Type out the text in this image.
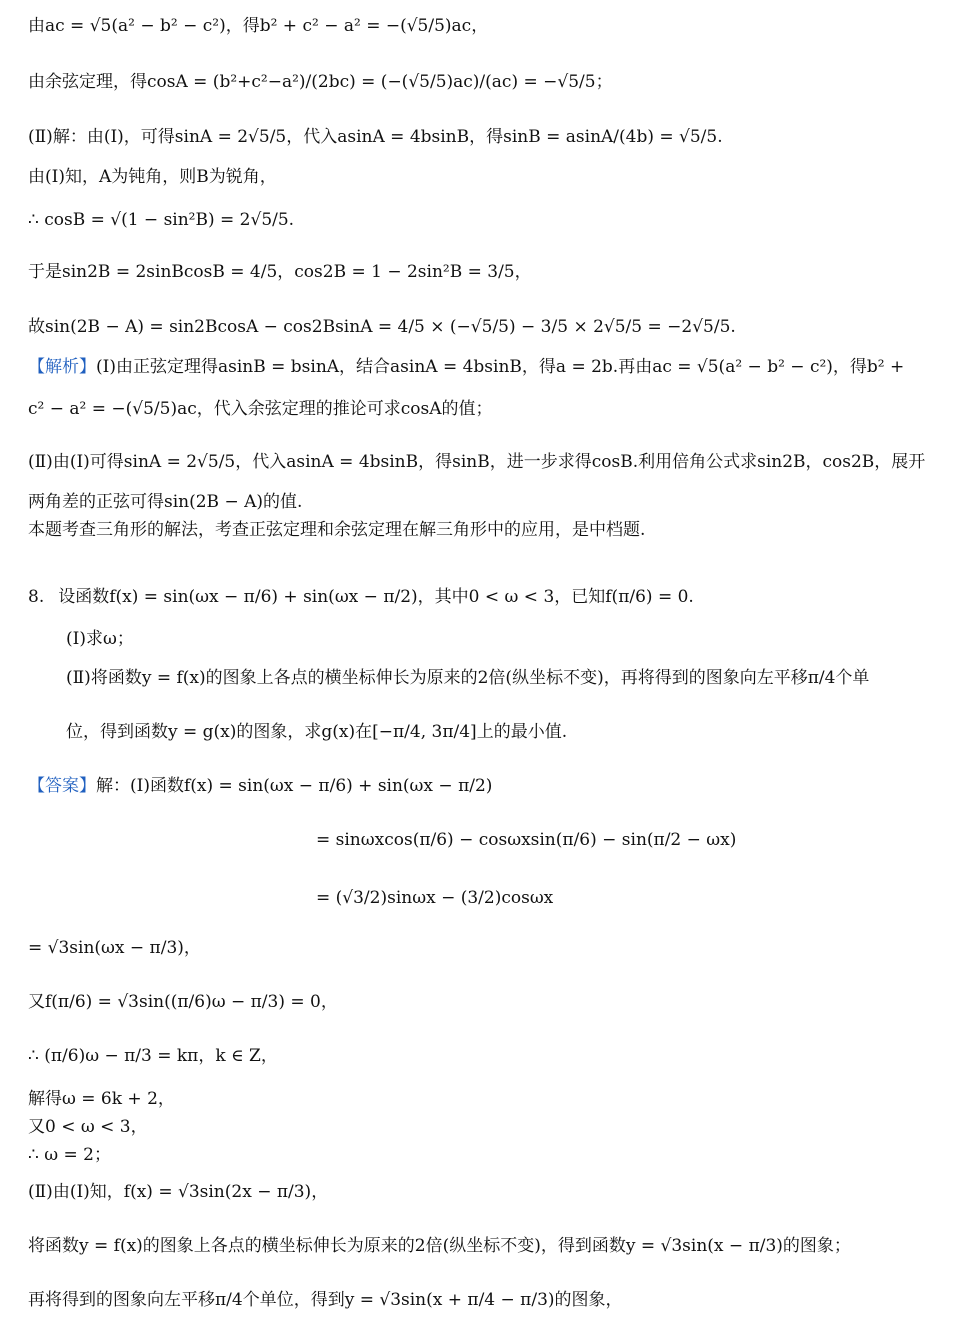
由ac = √5(a² − b² − c²)，得b² + c² − a² = −(√5/5)ac，
由余弦定理，得cosA = (b²+c²−a²)/(2bc) = (−(√5/5)ac)/(ac) = −√5/5；
(Ⅱ)解：由(Ⅰ)，可得sinA = 2√5/5，代入asinA = 4bsinB，得sinB = asinA/(4b) = √5/5.
由(Ⅰ)知，A为钝角，则B为锐角，
∴ cosB = √(1 − sin²B) = 2√5/5.
于是sin2B = 2sinBcosB = 4/5，cos2B = 1 − 2sin²B = 3/5，
故sin(2B − A) = sin2BcosA − cos2BsinA = 4/5 × (−√5/5) − 3/5 × 2√5/5 = −2√5/5.
【解析】(Ⅰ)由正弦定理得asinB = bsinA，结合asinA = 4bsinB，得a = 2b.再由ac = √5(a² − b² − c²)，得b² +
c² − a² = −(√5/5)ac，代入余弦定理的推论可求cosA的值；
(Ⅱ)由(Ⅰ)可得sinA = 2√5/5，代入asinA = 4bsinB，得sinB，进一步求得cosB.利用倍角公式求sin2B，cos2B，展开
两角差的正弦可得sin(2B − A)的值.
本题考查三角形的解法，考查正弦定理和余弦定理在解三角形中的应用，是中档题.
8. 设函数f(x) = sin(ωx − π/6) + sin(ωx − π/2)，其中0 < ω < 3，已知f(π/6) = 0.
(Ⅰ)求ω；
(Ⅱ)将函数y = f(x)的图象上各点的横坐标伸长为原来的2倍(纵坐标不变)，再将得到的图象向左平移π/4个单
位，得到函数y = g(x)的图象，求g(x)在[−π/4, 3π/4]上的最小值.
【答案】解：(Ⅰ)函数f(x) = sin(ωx − π/6) + sin(ωx − π/2)
= sinωxcos(π/6) − cosωxsin(π/6) − sin(π/2 − ωx)
= (√3/2)sinωx − (3/2)cosωx
= √3sin(ωx − π/3)，
又f(π/6) = √3sin((π/6)ω − π/3) = 0，
∴ (π/6)ω − π/3 = kπ，k ∈ Z，
解得ω = 6k + 2，
又0 < ω < 3，
∴ ω = 2；
(Ⅱ)由(Ⅰ)知，f(x) = √3sin(2x − π/3)，
将函数y = f(x)的图象上各点的横坐标伸长为原来的2倍(纵坐标不变)，得到函数y = √3sin(x − π/3)的图象；
再将得到的图象向左平移π/4个单位，得到y = √3sin(x + π/4 − π/3)的图象，
